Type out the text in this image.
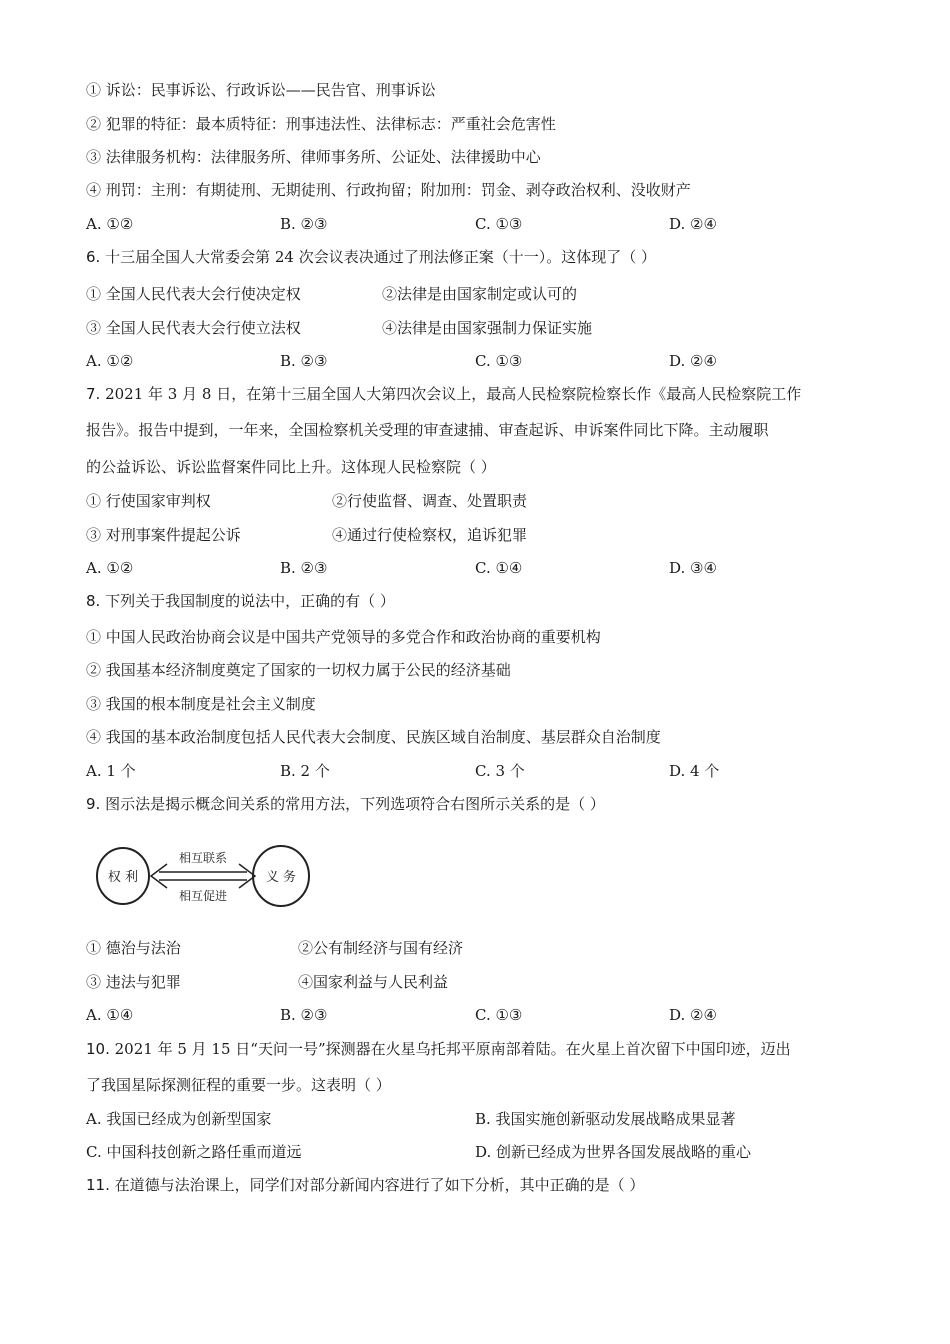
① 诉讼：民事诉讼、行政诉讼——民告官、刑事诉讼
② 犯罪的特征：最本质特征：刑事违法性、法律标志：严重社会危害性
③ 法律服务机构：法律服务所、律师事务所、公证处、法律援助中心
④ 刑罚：主刑：有期徒刑、无期徒刑、行政拘留；附加刑：罚金、剥夺政治权利、没收财产
A. ①②	B. ②③	C. ①③	D. ②④
6. 十三届全国人大常委会第 24 次会议表决通过了刑法修正案（十一）。这体现了（ ）
① 全国人民代表大会行使决定权	②法律是由国家制定或认可的
③ 全国人民代表大会行使立法权	④法律是由国家强制力保证实施
A. ①②	B. ②③	C. ①③	D. ②④
7. 2021 年 3 月 8 日，在第十三届全国人大第四次会议上，最高人民检察院检察长作《最高人民检察院工作
报告》。报告中提到，一年来，全国检察机关受理的审查逮捕、审查起诉、申诉案件同比下降。主动履职
的公益诉讼、诉讼监督案件同比上升。这体现人民检察院（ ）
① 行使国家审判权	②行使监督、调查、处置职责
③ 对刑事案件提起公诉	④通过行使检察权，追诉犯罪
A. ①②	B. ②③	C. ①④	D. ③④
8. 下列关于我国制度的说法中，正确的有（ ）
① 中国人民政治协商会议是中国共产党领导的多党合作和政治协商的重要机构
② 我国基本经济制度奠定了国家的一切权力属于公民的经济基础
③ 我国的根本制度是社会主义制度
④ 我国的基本政治制度包括人民代表大会制度、民族区域自治制度、基层群众自治制度
A. 1 个	B. 2 个	C. 3 个	D. 4 个
9. 图示法是揭示概念间关系的常用方法，下列选项符合右图所示关系的是（ ）
权 利	义 务
相互联系
相互促进
① 德治与法治	②公有制经济与国有经济
③ 违法与犯罪	④国家利益与人民利益
A. ①④	B. ②③	C. ①③	D. ②④
10. 2021 年 5 月 15 日“天问一号”探测器在火星乌托邦平原南部着陆。在火星上首次留下中国印迹，迈出
了我国星际探测征程的重要一步。这表明（ ）
A. 我国已经成为创新型国家	B. 我国实施创新驱动发展战略成果显著
C. 中国科技创新之路任重而道远	D. 创新已经成为世界各国发展战略的重心
11. 在道德与法治课上，同学们对部分新闻内容进行了如下分析，其中正确的是（ ）
